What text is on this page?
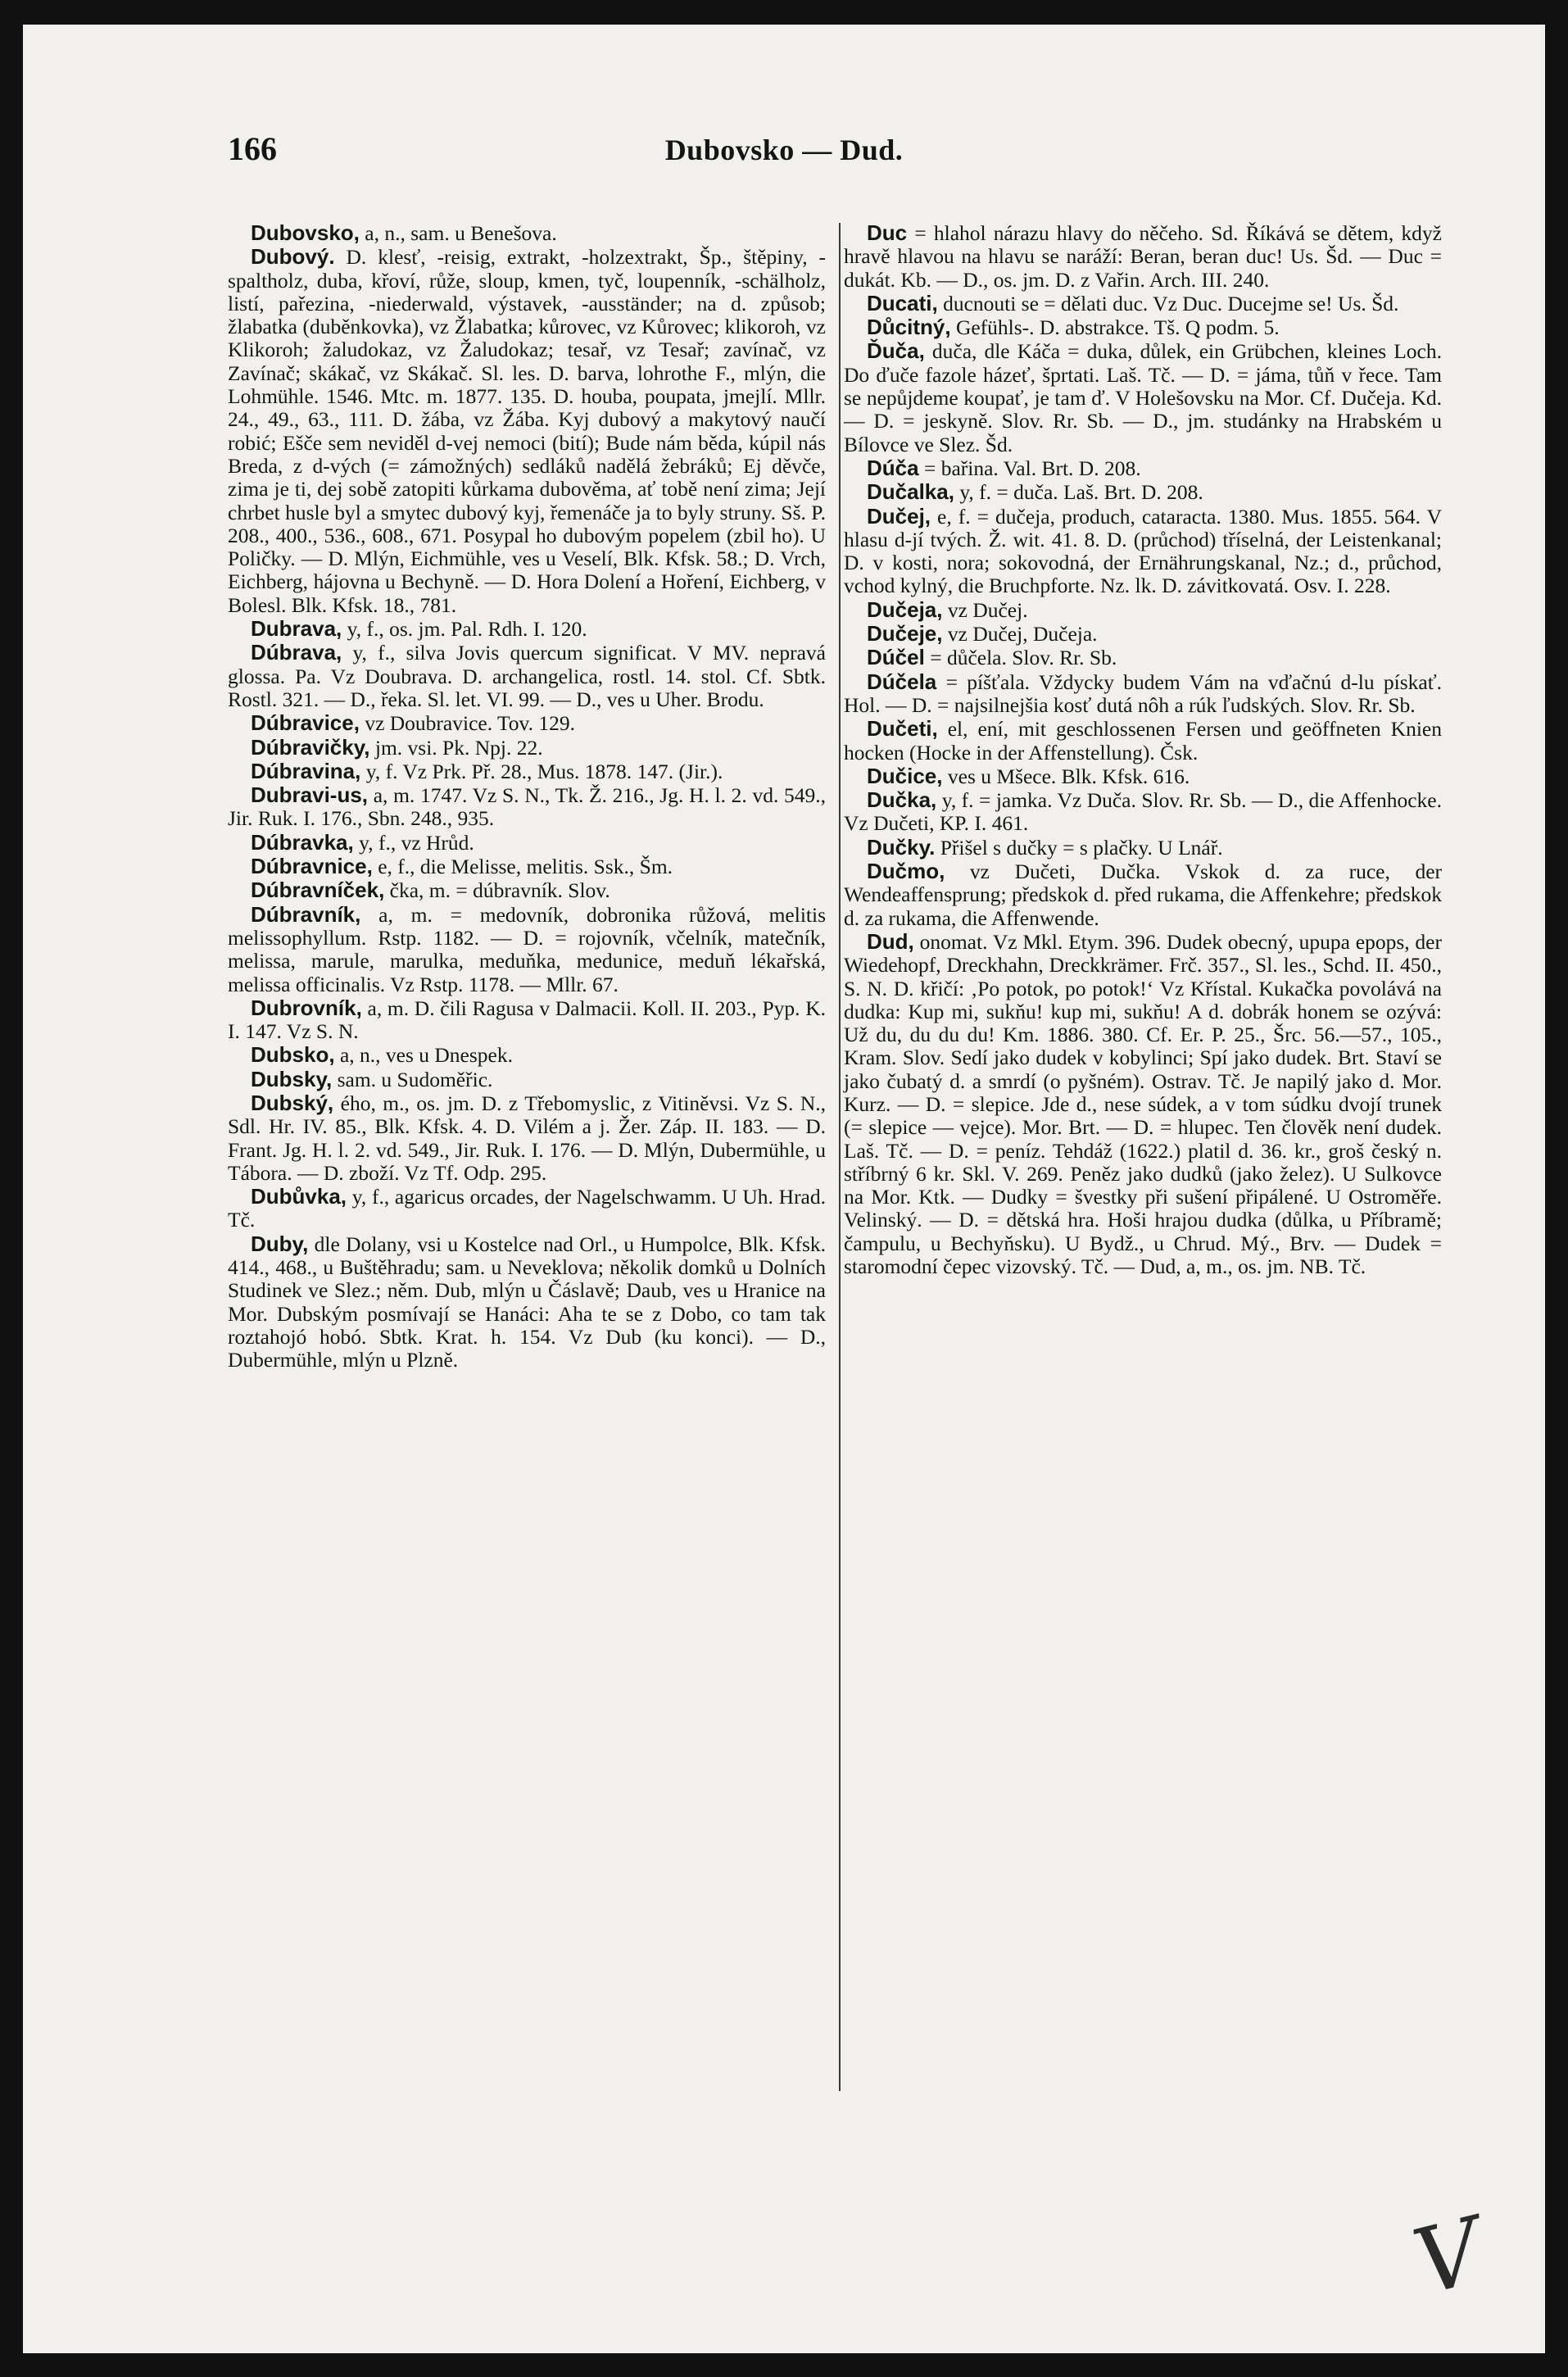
166	Dubovsko — Dud.

Dubovsko, a, n., sam. u Benešova.

Dubový. D. klesť, -reisig, extrakt, -holzextrakt, Šp., štěpiny, -spaltholz, duba, křoví, růže, sloup, kmen, tyč, loupenník, -schälholz, listí, pařezina, -niederwald, výstavek, -ausständer; na d. způsob; žlabatka (duběnkovka), vz Žlabatka; kůrovec, vz Kůrovec; klikoroh, vz Klikoroh; žaludokaz, vz Žaludokaz; tesař, vz Tesař; zavínač, vz Zavínač; skákač, vz Skákač. Sl. les. D. barva, lohrothe F., mlýn, die Lohmühle. 1546. Mtc. m. 1877. 135. D. houba, poupata, jmejlí. Mllr. 24., 49., 63., 111. D. žába, vz Žába. Kyj dubový a makytový naučí robić; Ešče sem neviděl d-vej nemoci (bití); Bude nám běda, kúpil nás Breda, z d-vých (= zámožných) sedláků nadělá žebráků; Ej děvče, zima je ti, dej sobě zatopiti kůrkama dubověma, ať tobě není zima; Její chrbet husle byl a smytec dubový kyj, řemenáče ja to byly struny. Sš. P. 208., 400., 536., 608., 671. Posypal ho dubovým popelem (zbil ho). U Poličky. — D. Mlýn, Eichmühle, ves u Veselí, Blk. Kfsk. 58.; D. Vrch, Eichberg, hájovna u Bechyně. — D. Hora Dolení a Hoření, Eichberg, v Bolesl. Blk. Kfsk. 18., 781.

Dubrava, y, f., os. jm. Pal. Rdh. I. 120.

Dúbrava, y, f., silva Jovis quercum significat. V MV. nepravá glossa. Pa. Vz Doubrava. D. archangelica, rostl. 14. stol. Cf. Sbtk. Rostl. 321. — D., řeka. Sl. let. VI. 99. — D., ves u Uher. Brodu.

Dúbravice, vz Doubravice. Tov. 129.

Dúbravičky, jm. vsi. Pk. Npj. 22.

Dúbravina, y, f. Vz Prk. Př. 28., Mus. 1878. 147. (Jir.).

Dubravi-us, a, m. 1747. Vz S. N., Tk. Ž. 216., Jg. H. l. 2. vd. 549., Jir. Ruk. I. 176., Sbn. 248., 935.

Dúbravka, y, f., vz Hrůd.

Dúbravnice, e, f., die Melisse, melitis. Ssk., Šm.

Dúbravníček, čka, m. = dúbravník. Slov.

Dúbravník, a, m. = medovník, dobronika růžová, melitis melissophyllum. Rstp. 1182. — D. = rojovník, včelník, matečník, melissa, marule, marulka, meduňka, medunice, meduň lékařská, melissa officinalis. Vz Rstp. 1178. — Mllr. 67.

Dubrovník, a, m. D. čili Ragusa v Dalmacii. Koll. II. 203., Pyp. K. I. 147. Vz S. N.

Dubsko, a, n., ves u Dnespek.

Dubsky, sam. u Sudoměřic.

Dubský, ého, m., os. jm. D. z Třebomyslic, z Vitiněvsi. Vz S. N., Sdl. Hr. IV. 85., Blk. Kfsk. 4. D. Vilém a j. Žer. Záp. II. 183. — D. Frant. Jg. H. l. 2. vd. 549., Jir. Ruk. I. 176. — D. Mlýn, Dubermühle, u Tábora. — D. zboží. Vz Tf. Odp. 295.

Dubůvka, y, f., agaricus orcades, der Nagelschwamm. U Uh. Hrad. Tč.

Duby, dle Dolany, vsi u Kostelce nad Orl., u Humpolce, Blk. Kfsk. 414., 468., u Buštěhradu; sam. u Neveklova; několik domků u Dolních Studinek ve Slez.; něm. Dub, mlýn u Čáslavě; Daub, ves u Hranice na Mor. Dubským posmívají se Hanáci: Aha te se z Dobo, co tam tak roztahojó hobó. Sbtk. Krat. h. 154. Vz Dub (ku konci). — D., Dubermühle, mlýn u Plzně.

Duc = hlahol nárazu hlavy do něčeho. Sd. Říkává se dětem, když hravě hlavou na hlavu se naráží: Beran, beran duc! Us. Šd. — Duc = dukát. Kb. — D., os. jm. D. z Vařin. Arch. III. 240.

Ducati, ducnouti se = dělati duc. Vz Duc. Ducejme se! Us. Šd.

Důcitný, Gefühls-. D. abstrakce. Tš. Q podm. 5.

Ďuča, duča, dle Káča = duka, důlek, ein Grübchen, kleines Loch. Do ďuče fazole házeť, šprtati. Laš. Tč. — D. = jáma, tůň v řece. Tam se nepůjdeme koupať, je tam ď. V Holešovsku na Mor. Cf. Dučeja. Kd. — D. = jeskyně. Slov. Rr. Sb. — D., jm. studánky na Hrabském u Bílovce ve Slez. Šd.

Dúča = bařina. Val. Brt. D. 208.

Dučalka, y, f. = duča. Laš. Brt. D. 208.

Dučej, e, f. = dučeja, produch, cataracta. 1380. Mus. 1855. 564. V hlasu d-jí tvých. Ž. wit. 41. 8. D. (průchod) tříselná, der Leistenkanal; D. v kosti, nora; sokovodná, der Ernährungskanal, Nz.; d., průchod, vchod kylný, die Bruchpforte. Nz. lk. D. závitkovatá. Osv. I. 228.

Dučeja, vz Dučej.

Dučeje, vz Dučej, Dučeja.

Dúčel = důčela. Slov. Rr. Sb.

Dúčela = píšťala. Vždycky budem Vám na vďačnú d-lu pískať. Hol. — D. = najsilnejšia kosť dutá nôh a rúk ľudských. Slov. Rr. Sb.

Dučeti, el, ení, mit geschlossenen Fersen und geöffneten Knien hocken (Hocke in der Affenstellung). Čsk.

Dučice, ves u Mšece. Blk. Kfsk. 616.

Dučka, y, f. = jamka. Vz Duča. Slov. Rr. Sb. — D., die Affenhocke. Vz Dučeti, KP. I. 461.

Dučky. Přišel s dučky = s plačky. U Lnář.

Dučmo, vz Dučeti, Dučka. Vskok d. za ruce, der Wendeaffensprung; předskok d. před rukama, die Affenkehre; předskok d. za rukama, die Affenwende.

Dud, onomat. Vz Mkl. Etym. 396. Dudek obecný, upupa epops, der Wiedehopf, Dreckhahn, Dreckkrämer. Frč. 357., Sl. les., Schd. II. 450., S. N. D. křičí: ‚Po potok, po potok!‘ Vz Křístal. Kukačka povolává na dudka: Kup mi, sukňu! kup mi, sukňu! A d. dobrák honem se ozývá: Už du, du du du! Km. 1886. 380. Cf. Er. P. 25., Šrc. 56.—57., 105., Kram. Slov. Sedí jako dudek v kobylinci; Spí jako dudek. Brt. Staví se jako čubatý d. a smrdí (o pyšném). Ostrav. Tč. Je napilý jako d. Mor. Kurz. — D. = slepice. Jde d., nese súdek, a v tom súdku dvojí trunek (= slepice — vejce). Mor. Brt. — D. = hlupec. Ten člověk není dudek. Laš. Tč. — D. = peníz. Tehdáž (1622.) platil d. 36. kr., groš český n. stříbrný 6 kr. Skl. V. 269. Peněz jako dudků (jako želez). U Sulkovce na Mor. Ktk. — Dudky = švestky při sušení připálené. U Ostroměře. Velinský. — D. = dětská hra. Hoši hrajou dudka (důlka, u Příbramě; čampulu, u Bechyňsku). U Bydž., u Chrud. Mý., Brv. — Dudek = staromodní čepec vizovský. Tč. — Dud, a, m., os. jm. NB. Tč.

V
